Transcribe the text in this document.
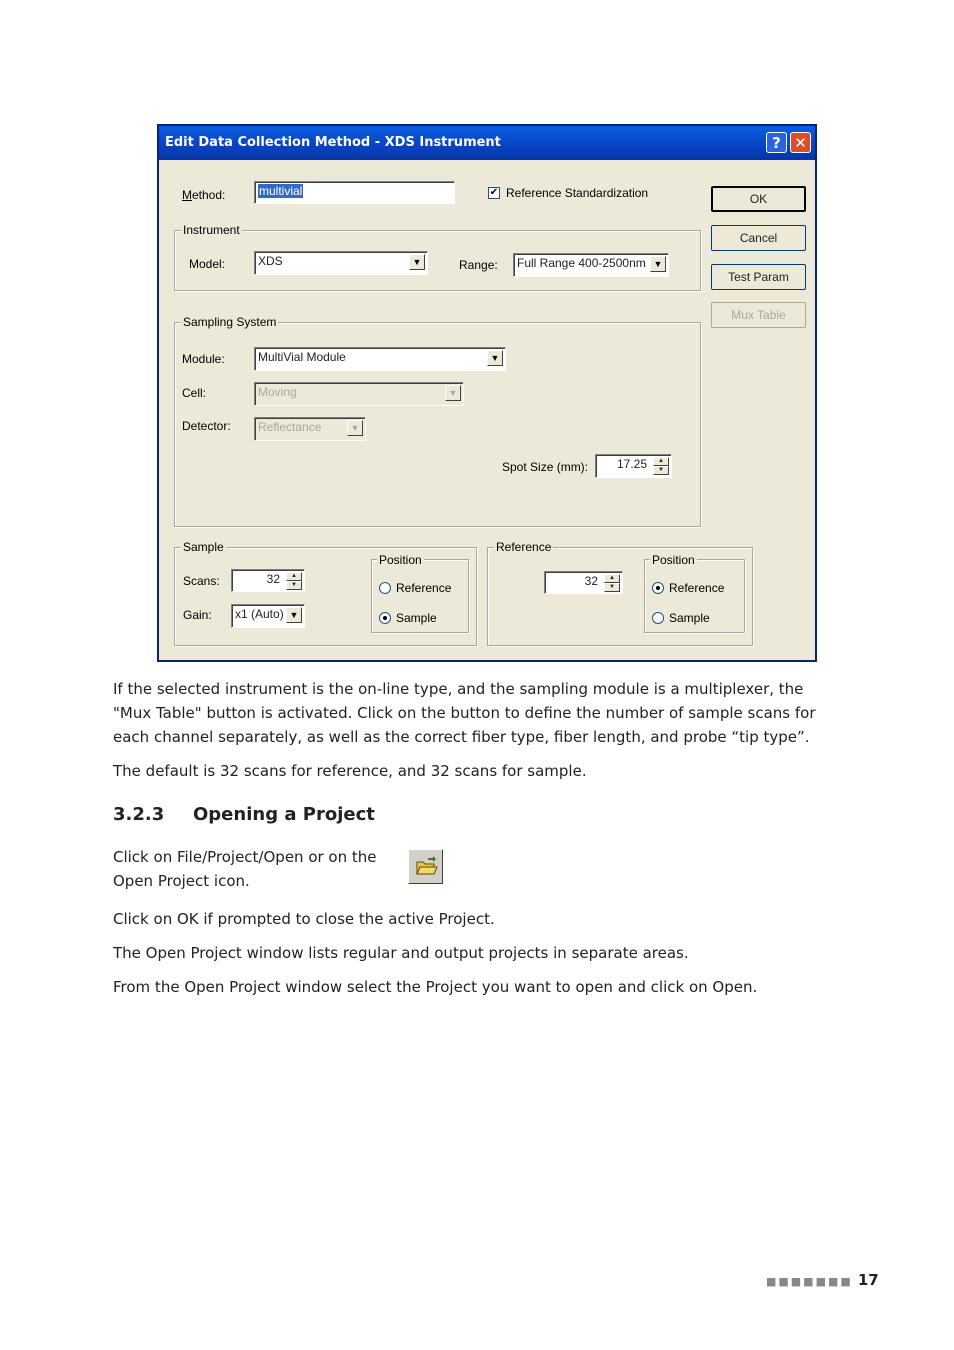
Edit Data Collection Method - XDS Instrument	? ✕
Method:	multivial	✔ Reference Standardization	OK
Cancel
Test Param
Mux Table
Instrument
Model:	XDS	▼	Range:	Full Range 400-2500nm ▼
Sampling System
Module:	MultiVial Module	▼
Cell:	Moving	▼
Detector:	Reflectance	▼
Spot Size (mm):	17.25	▲
▼
Sample
Scans:	32	▲
▼
Gain:	x1 (Auto) ▼
Position
Reference
Sample
Reference
32	▲
▼
Position
Reference
Sample
If the selected instrument is the on-line type, and the sampling module is a multiplexer, the "Mux Table" button is activated. Click on the button to define the number of sample scans for each channel separately, as well as the correct fiber type, fiber length, and probe “tip type”.
The default is 32 scans for reference, and 32 scans for sample.
3.2.3 Opening a Project
Click on File/Project/Open or on the Open Project icon.
Click on OK if prompted to close the active Project.
The Open Project window lists regular and output projects in separate areas.
From the Open Project window select the Project you want to open and click on Open.
■■■■■■■ 17
